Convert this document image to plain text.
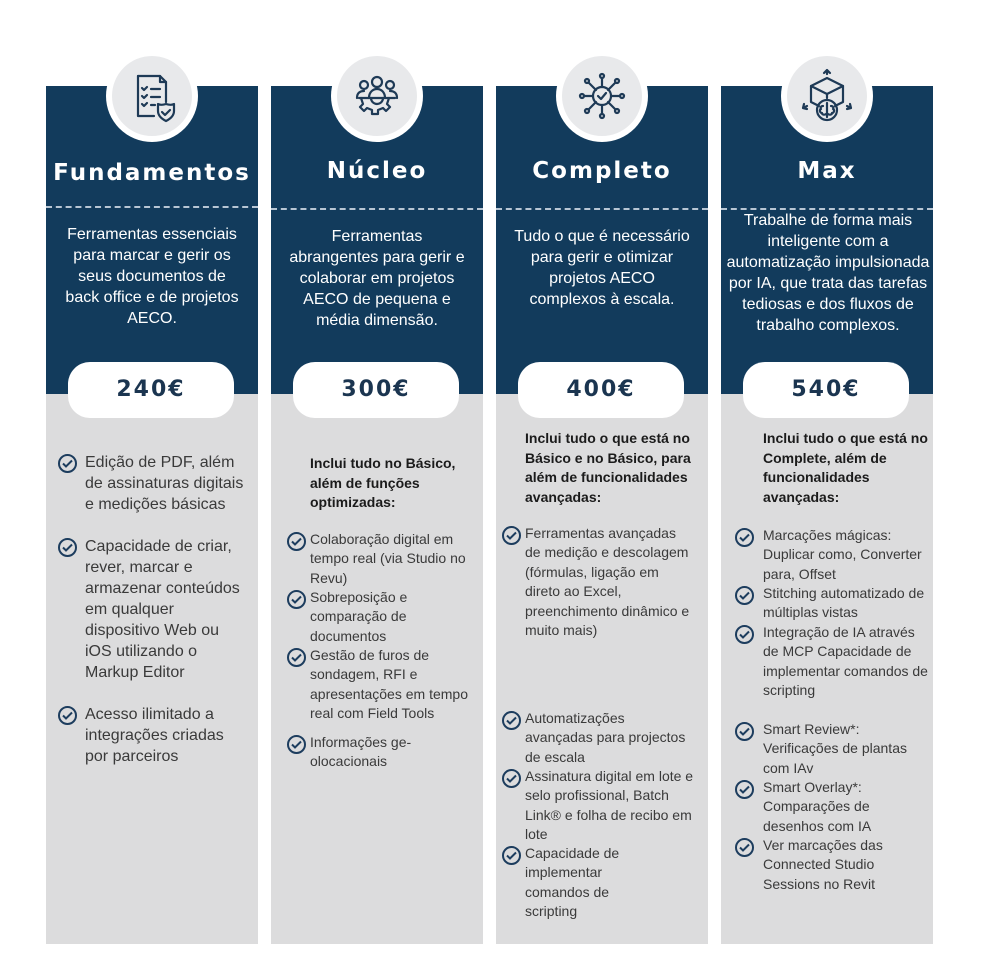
Fundamentos
Ferramentas essenciais para marcar e gerir os seus documentos de back office e de projetos AECO.
240€
Edição de PDF, além de assinaturas digitais e medições básicas
Capacidade de criar, rever, marcar e armazenar conteúdos em qualquer dispositivo Web ou iOS utilizando o Markup Editor
Acesso ilimitado a integrações criadas por parceiros
Núcleo
Ferramentas abrangentes para gerir e colaborar em projetos AECO de pequena e média dimensão.
300€
Inclui tudo no Básico, além de funções optimizadas:
Colaboração digital em tempo real (via Studio no Revu)
Sobreposição e comparação de documentos
Gestão de furos de sondagem, RFI e apresentações em tempo real com Field Tools
Informações ge-olocacionais
Completo
Tudo o que é necessário para gerir e otimizar projetos AECO complexos à escala.
400€
Inclui tudo o que está no Básico e no Básico, para além de funcionalidades avançadas:
Ferramentas avançadas de medição e descolagem (fórmulas, ligação em direto ao Excel, preenchimento dinâmico e muito mais)
Automatizações avançadas para projectos de escala
Assinatura digital em lote e selo profissional, Batch Link® e folha de recibo em lote
Capacidade de implementar comandos de scripting
Max
Trabalhe de forma mais inteligente com a automatização impulsionada por IA, que trata das tarefas tediosas e dos fluxos de trabalho complexos.
540€
Inclui tudo o que está no Complete, além de funcionalidades avançadas:
Marcações mágicas: Duplicar como, Converter para, Offset
Stitching automatizado de múltiplas vistas
Integração de IA através de MCP Capacidade de implementar comandos de scripting
Smart Review*: Verificações de plantas com IAv
Smart Overlay*: Comparações de desenhos com IA
Ver marcações das Connected Studio Sessions no Revit
